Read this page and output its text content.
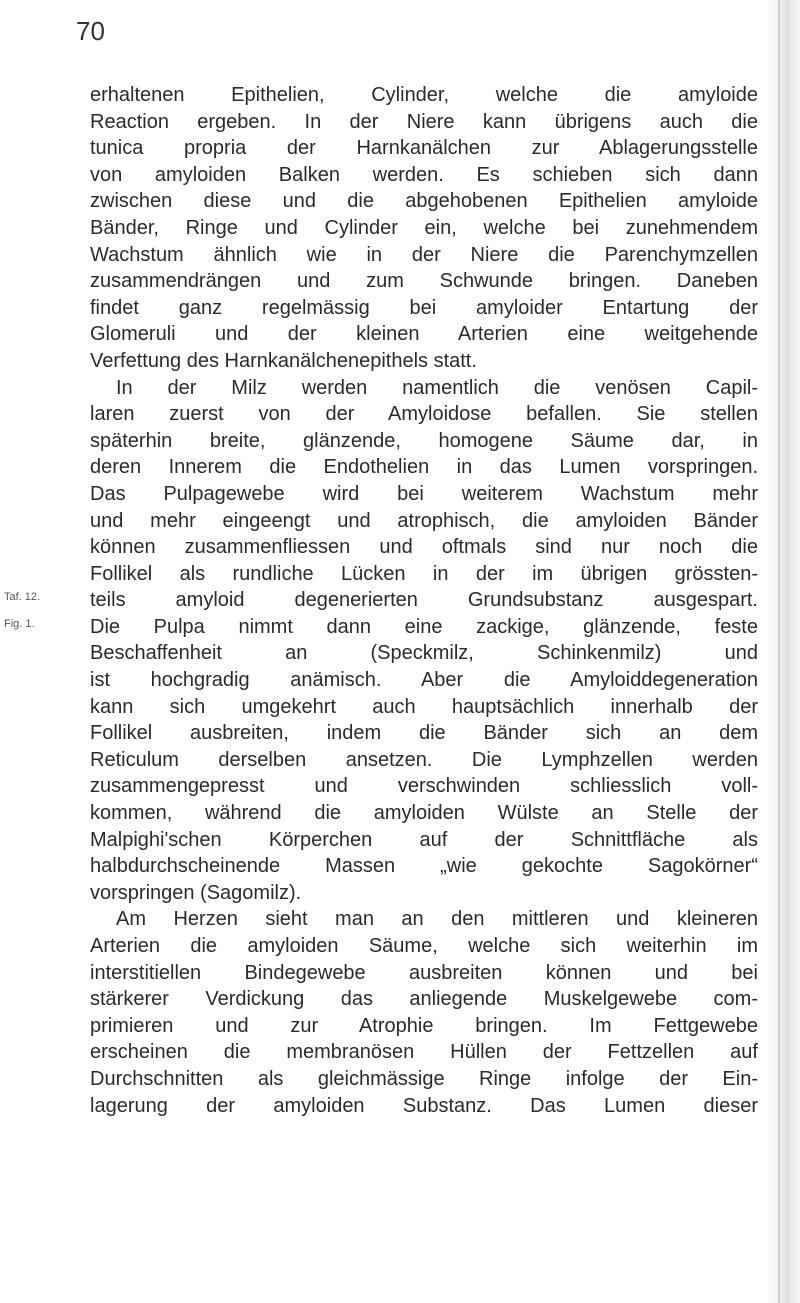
70
Taf. 12.
Fig. 1.
erhaltenen Epithelien, Cylinder, welche die amyloide
Reaction ergeben. In der Niere kann übrigens auch die
tunica propria der Harnkanälchen zur Ablagerungsstelle
von amyloiden Balken werden. Es schieben sich dann
zwischen diese und die abgehobenen Epithelien amyloide
Bänder, Ringe und Cylinder ein, welche bei zunehmendem
Wachstum ähnlich wie in der Niere die Parenchymzellen
zusammendrängen und zum Schwunde bringen. Daneben
findet ganz regelmässig bei amyloider Entartung der
Glomeruli und der kleinen Arterien eine weitgehende
Verfettung des Harnkanälchenepithels statt.
In der Milz werden namentlich die venösen Capil-
laren zuerst von der Amyloidose befallen. Sie stellen
späterhin breite, glänzende, homogene Säume dar, in
deren Innerem die Endothelien in das Lumen vorspringen.
Das Pulpagewebe wird bei weiterem Wachstum mehr
und mehr eingeengt und atrophisch, die amyloiden Bänder
können zusammenfliessen und oftmals sind nur noch die
Follikel als rundliche Lücken in der im übrigen grössten-
teils amyloid degenerierten Grundsubstanz ausgespart.
Die Pulpa nimmt dann eine zackige, glänzende, feste
Beschaffenheit an (Speckmilz, Schinkenmilz) und
ist hochgradig anämisch. Aber die Amyloiddegeneration
kann sich umgekehrt auch hauptsächlich innerhalb der
Follikel ausbreiten, indem die Bänder sich an dem
Reticulum derselben ansetzen. Die Lymphzellen werden
zusammengepresst und verschwinden schliesslich voll-
kommen, während die amyloiden Wülste an Stelle der
Malpighi'schen Körperchen auf der Schnittfläche als
halbdurchscheinende Massen „wie gekochte Sagokörner“
vorspringen (Sagomilz).
Am Herzen sieht man an den mittleren und kleineren
Arterien die amyloiden Säume, welche sich weiterhin im
interstitiellen Bindegewebe ausbreiten können und bei
stärkerer Verdickung das anliegende Muskelgewebe com-
primieren und zur Atrophie bringen. Im Fettgewebe
erscheinen die membranösen Hüllen der Fettzellen auf
Durchschnitten als gleichmässige Ringe infolge der Ein-
lagerung der amyloiden Substanz. Das Lumen dieser
